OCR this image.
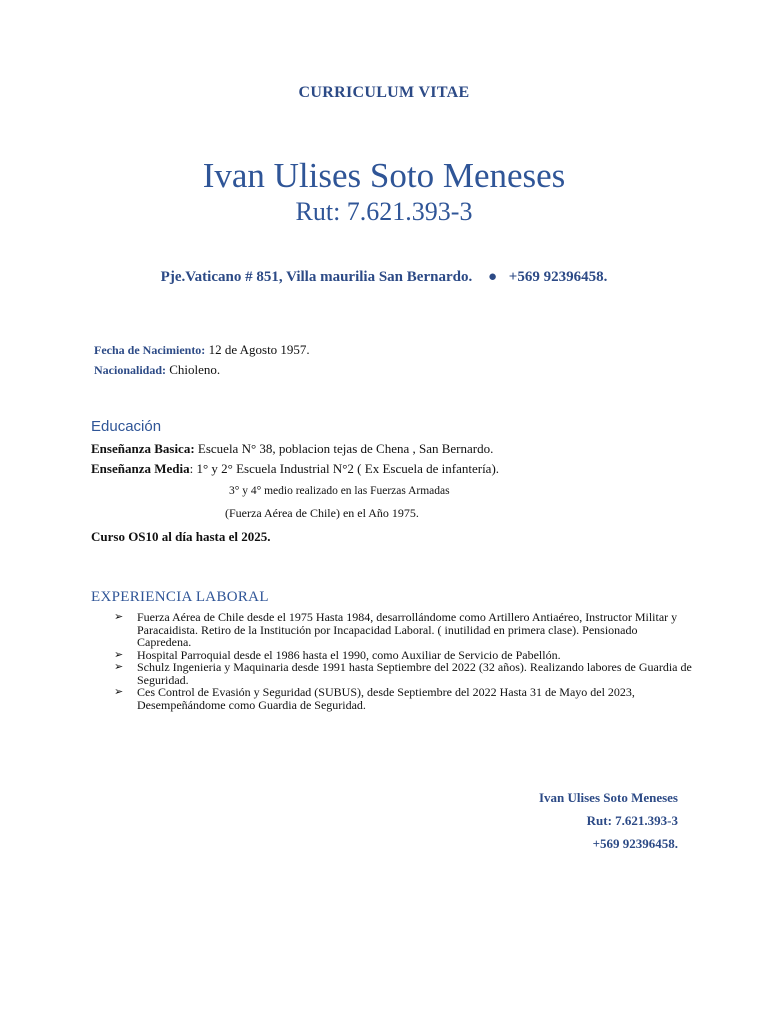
CURRICULUM VITAE
Ivan Ulises Soto Meneses
Rut: 7.621.393-3
Pje.Vaticano # 851, Villa maurilia San Bernardo. ● +569 92396458.
Fecha de Nacimiento: 12 de Agosto 1957.
Nacionalidad: Chioleno.
Educación
Enseñanza Basica: Escuela N° 38, poblacion tejas de Chena , San Bernardo.
Enseñanza Media: 1° y 2° Escuela Industrial N°2 ( Ex Escuela de infantería).
3° y 4° medio realizado en las Fuerzas Armadas
(Fuerza Aérea de Chile) en el Año 1975.
Curso OS10 al día hasta el 2025.
EXPERIENCIA LABORAL
➢ Fuerza Aérea de Chile desde el 1975 Hasta 1984, desarrollándome como Artillero Antiaéreo, Instructor Militar y Paracaidista. Retiro de la Institución por Incapacidad Laboral. ( inutilidad en primera clase). Pensionado Capredena.
➢ Hospital Parroquial desde el 1986 hasta el 1990, como Auxiliar de Servicio de Pabellón.
➢ Schulz Ingenieria y Maquinaria desde 1991 hasta Septiembre del 2022 (32 años). Realizando labores de Guardia de Seguridad.
➢ Ces Control de Evasión y Seguridad (SUBUS), desde Septiembre del 2022 Hasta 31 de Mayo del 2023, Desempeñándome como Guardia de Seguridad.
Ivan Ulises Soto Meneses
Rut: 7.621.393-3
+569 92396458.
